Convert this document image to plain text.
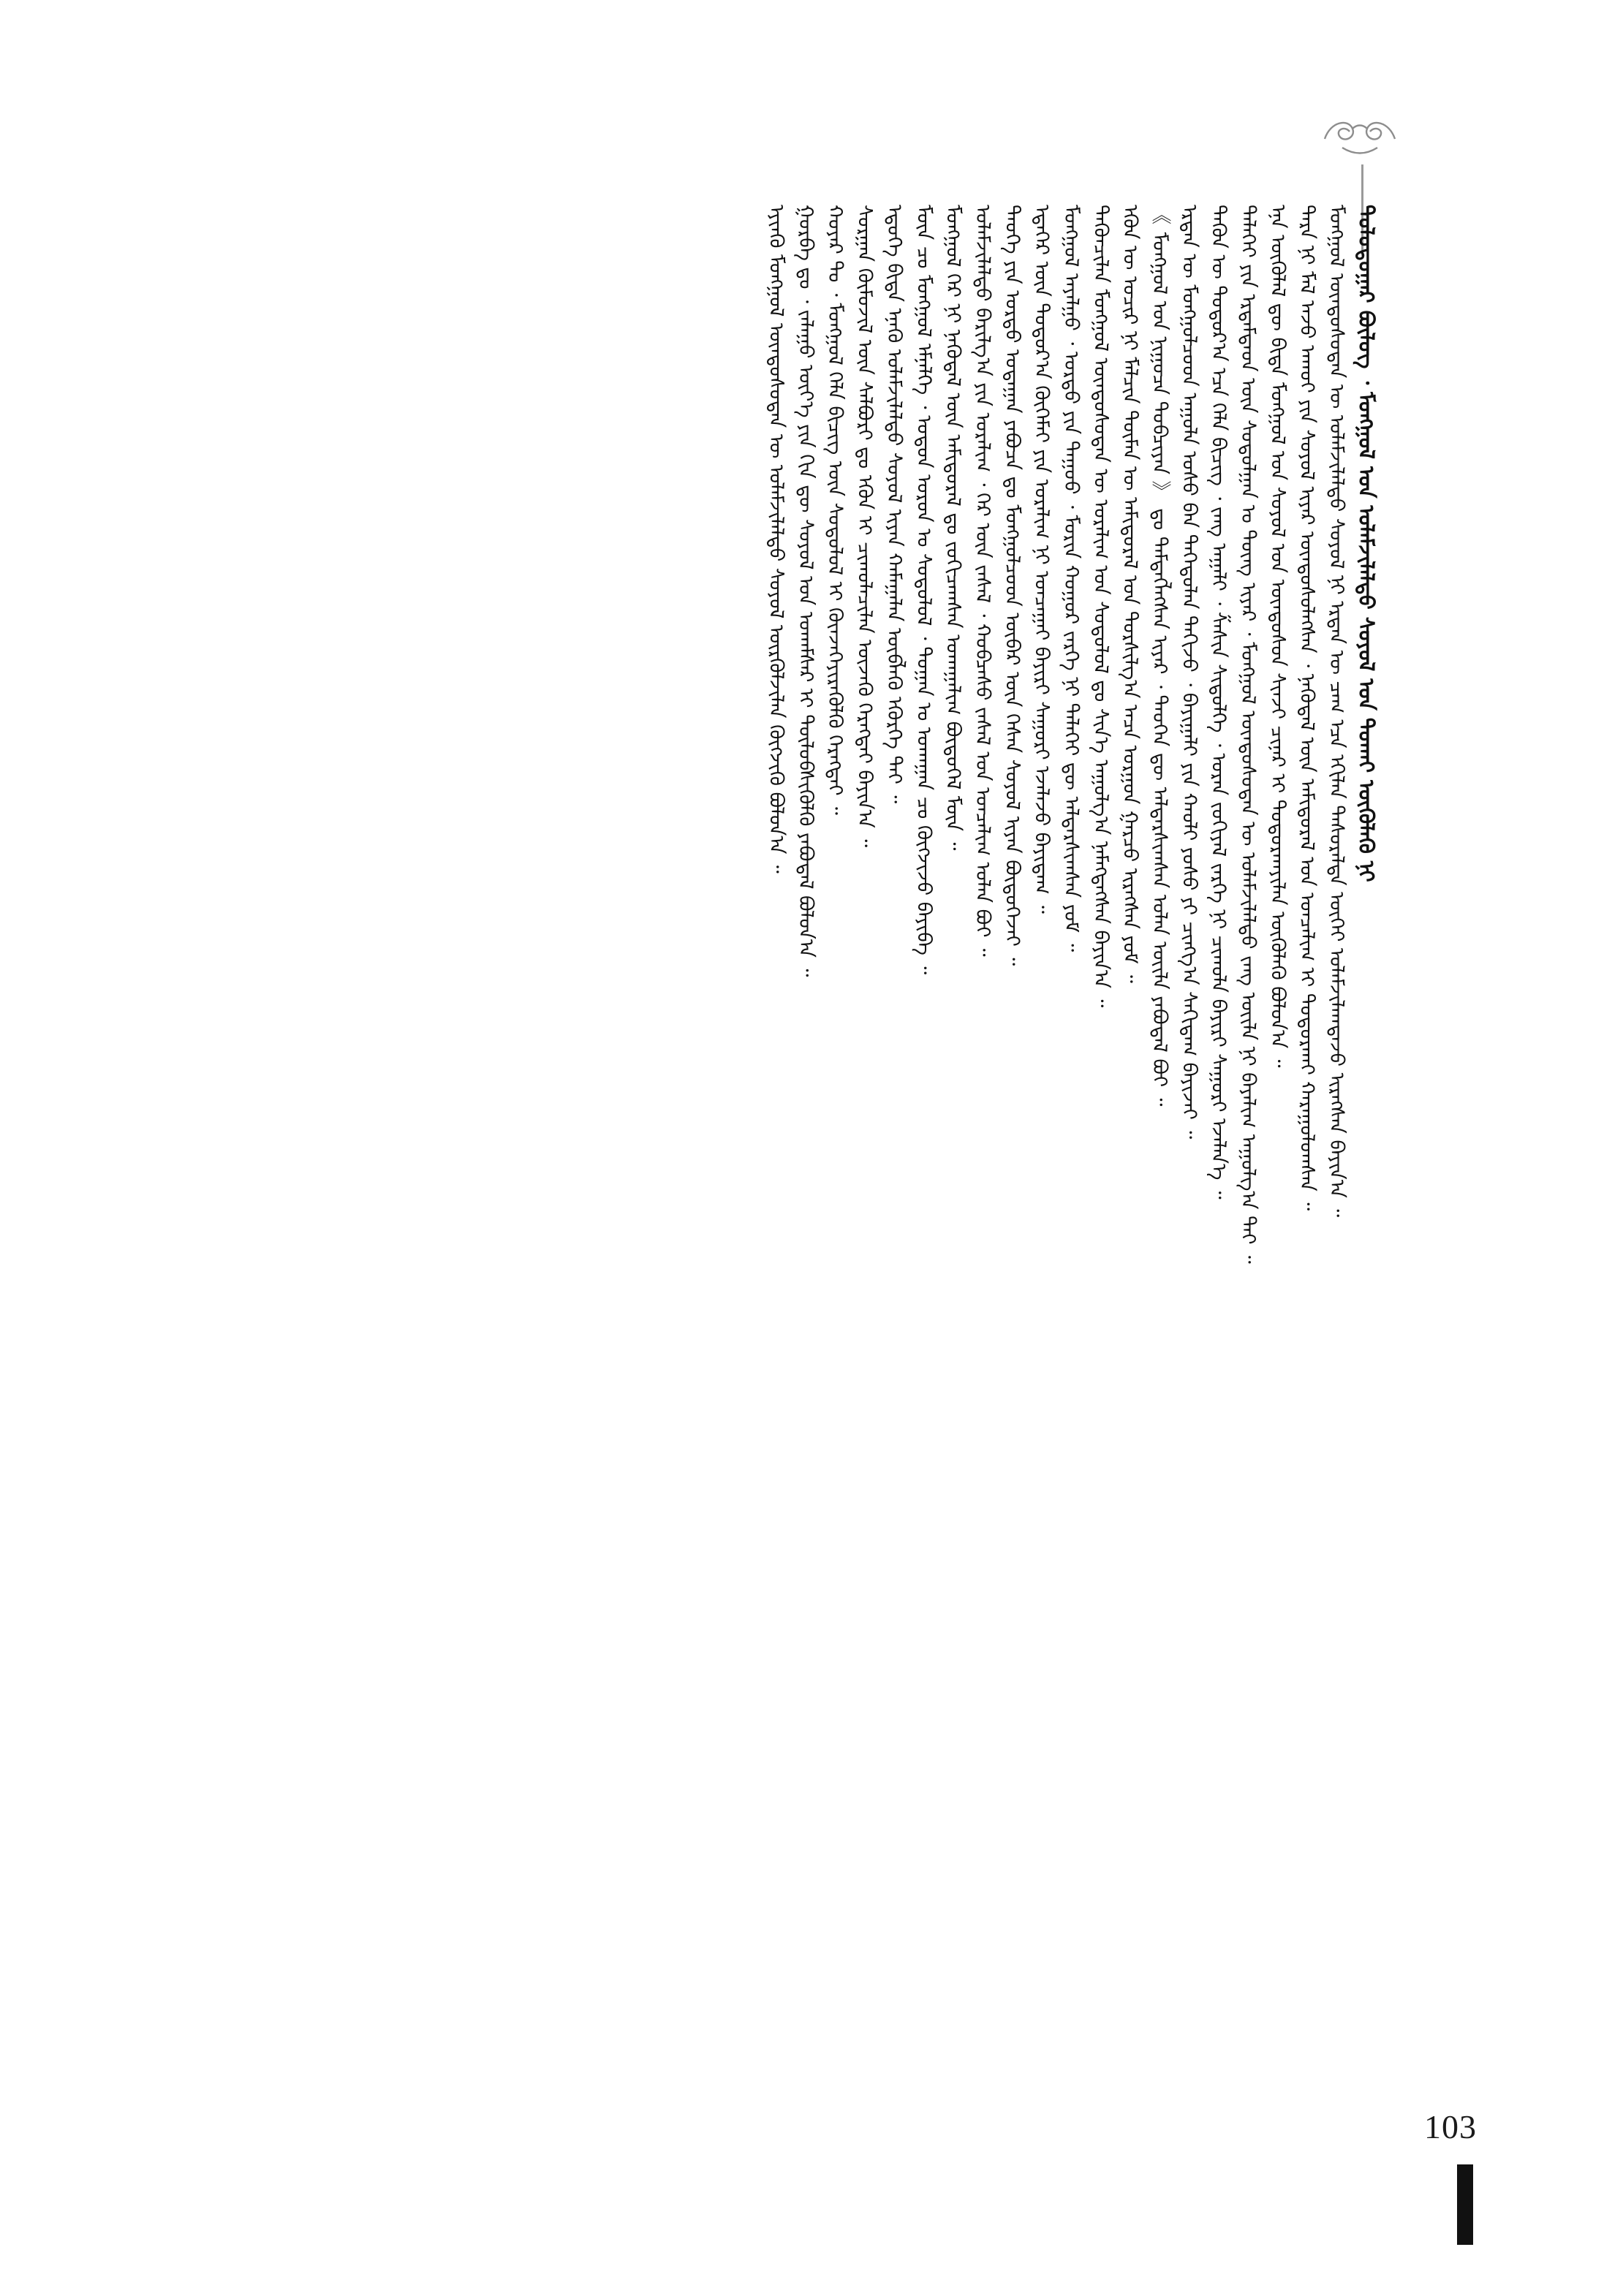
ᠳᠣᠯᠤᠳᠤᠭᠠᠷ ᠪᠦᠯᠦᠭ ᠂ ᠮᠣᠩᠭᠣᠯ ᠤᠨ ᠤᠯᠠᠮᠵᠢᠯᠠᠯᠲᠤ ᠰᠤᠶᠤᠯ ᠤᠨ ᠲᠤᠬᠠᠢ ᠦᠭᠦᠯᠡᠬᠦ ᠨᠢ
ᠮᠣᠩᠭᠣᠯ ᠦᠨᠳᠦᠰᠦᠲᠡᠨ ᠦ ᠤᠯᠠᠮᠵᠢᠯᠠᠯᠲᠤ ᠰᠤᠶᠤᠯ ᠨᠢ ᠡᠷᠲᠡᠨ ᠦ ᠴᠠᠭ ᠡᠴᠡ ᠡᠬᠢᠯᠡᠨ ᠲᠠᠰᠤᠷᠠᠯᠲᠠ ᠦᠭᠡᠢ ᠤᠯᠠᠮᠵᠢᠯᠠᠭᠳᠠᠵᠤ ᠢᠷᠡᠭᠰᠡᠨ ᠪᠠᠶᠢᠨ᠎ᠠ ᠃
ᠲᠡᠷᠡ ᠨᠢ ᠮᠠᠯ ᠠᠵᠤ ᠠᠬᠤᠢ ᠶᠢᠨ ᠰᠤᠶᠤᠯ ᠢᠶᠠᠷ ᠦᠨᠳᠦᠰᠦᠯᠡᠭᠰᠡᠨ ᠂ ᠨᠡᠭᠦᠳᠡᠯ ᠦᠨ ᠠᠮᠢᠳᠤᠷᠠᠯ ᠤᠨ ᠣᠨᠴᠠᠯᠢᠭ ᠢ ᠲᠣᠳᠤᠷᠬᠠᠢ ᠬᠠᠷᠠᠭᠤᠯᠤᠭᠰᠠᠨ ᠃
ᠡᠨᠡ ᠦᠭᠦᠯᠡᠯ ᠳᠦ ᠪᠢᠳᠡ ᠮᠣᠩᠭᠣᠯ ᠤᠨ ᠰᠤᠶᠤᠯ ᠤᠨ ᠦᠨᠳᠦᠰᠦᠨ ᠰᠢᠨᠵᠢ ᠴᠢᠨᠠᠷ ᠢ ᠲᠣᠳᠤᠷᠬᠠᠶᠢᠯᠠᠨ ᠦᠭᠦᠯᠡᠬᠦ ᠪᠣᠯᠤᠨ᠎ᠠ ᠃
ᠳᠡᠯᠡᠬᠡᠢ ᠶᠢᠨ ᠡᠷᠳᠡᠮᠲᠡᠳ ᠦᠨ ᠰᠤᠳᠤᠯᠭᠠᠨ ᠤ ᠳᠦᠩ ᠢᠶᠡᠷ ᠂ ᠮᠣᠩᠭᠣᠯ ᠦᠨᠳᠦᠰᠦᠲᠡᠨ ᠦ ᠤᠯᠠᠮᠵᠢᠯᠠᠯᠲᠤ ᠵᠠᠩ ᠦᠢᠯᠡ ᠨᠢ ᠪᠠᠶᠠᠯᠢᠭ ᠠᠭᠤᠯᠭ᠎ᠠ ᠲᠠᠢ ᠃
ᠲᠡᠭᠦᠨ ᠦ ᠳᠣᠲᠤᠷ᠎ᠠ ᠡᠴᠡ ᠬᠡᠯᠡ ᠪᠢᠴᠢᠭ ᠂ ᠵᠠᠩ ᠠᠭᠠᠯᠢ ᠂ ᠱᠠᠰᠢᠨ ᠰᠢᠲᠦᠯᠭᠡ ᠂ ᠤᠷᠠᠨ ᠵᠣᠬᠢᠶᠠᠯ ᠵᠡᠷᠭᠡ ᠨᠢ ᠴᠢᠬᠤᠯᠠ ᠪᠠᠶᠢᠷᠢ ᠰᠠᠭᠤᠷᠢ ᠡᠵᠡᠯᠡᠨ᠎ᠡ ᠃
ᠡᠷᠲᠡᠨ ᠦ ᠮᠣᠩᠭᠣᠯᠴᠤᠳ ᠠᠭᠤᠯᠠ ᠤᠰᠤ ᠪᠠᠨ ᠳᠡᠭᠡᠳᠦᠯᠡᠨ ᠲᠠᠬᠢᠵᠤ ᠂ ᠪᠠᠶᠢᠭᠠᠯᠢ ᠶᠢᠨ ᠬᠠᠤᠯᠢ ᠶᠣᠰᠤ ᠶᠢ ᠴᠢᠩᠭ᠎ᠠ ᠰᠠᠬᠢᠳᠠᠭ ᠪᠠᠶᠢᠵᠠᠢ ᠃
《 ᠮᠣᠩᠭᠣᠯ ᠤᠨ ᠨᠢᠭᠤᠴᠠ ᠲᠣᠪᠴᠢᠶᠠᠨ 》 ᠳᠤ ᠲᠡᠮᠳᠡᠭᠯᠡᠭᠰᠡᠨ ᠢᠶᠡᠷ ᠂ ᠲᠡᠦᠬᠡᠨ ᠳᠦ ᠠᠯᠳᠠᠷᠰᠢᠭᠰᠠᠨ ᠣᠯᠠᠨ ᠦᠢᠯᠡ ᠶᠠᠪᠤᠳᠠᠯ ᠪᠤᠢ ᠃
ᠡᠭᠦᠨ ᠦ ᠤᠴᠢᠷ ᠨᠢ ᠮᠠᠯᠴᠢᠨ ᠲᠦᠮᠡᠨ ᠦ ᠠᠮᠢᠳᠤᠷᠠᠯ ᠤᠨ ᠲᠤᠷᠰᠢᠯᠭ᠎ᠠ ᠠᠴᠠ ᠤᠷᠭᠤᠨ ᠭᠠᠷᠴᠤ ᠢᠷᠡᠭᠰᠡᠨ ᠶᠤᠮ ᠃
ᠲᠡᠭᠦᠨᠴᠢᠯᠡᠨ ᠮᠣᠩᠭᠣᠯ ᠦᠨᠳᠦᠰᠦᠲᠡᠨ ᠦ ᠤᠷᠠᠯᠢᠭ ᠤᠨ ᠰᠤᠳᠤᠯᠤᠯ ᠳᠤ ᠰᠢᠨ᠎ᠡ ᠠᠭᠤᠯᠭ᠎ᠠ ᠨᠡᠮᠡᠭᠳᠡᠭᠰᠡᠨ ᠪᠠᠶᠢᠨ᠎ᠠ ᠃
ᠮᠣᠩᠭᠣᠯ ᠠᠶᠠᠯᠭᠤ ᠂ ᠤᠷᠲᠤ ᠶᠢᠨ ᠳᠠᠭᠤᠤ ᠂ ᠮᠣᠷᠢᠨ ᠬᠤᠭᠤᠷ ᠵᠡᠷᠭᠡ ᠨᠢ ᠳᠡᠯᠡᠬᠡᠢ ᠳᠦ ᠠᠯᠳᠠᠷᠰᠢᠭᠰᠠᠨ ᠶᠤᠮ ᠃
ᠡᠳᠡᠭᠡᠷ ᠦᠨ ᠳᠣᠲᠤᠷ᠎ᠠ ᠬᠥᠭᠡᠮᠡᠢ ᠶᠢᠨ ᠤᠷᠠᠯᠢᠭ ᠨᠢ ᠣᠨᠴᠠᠭᠠᠢ ᠪᠠᠶᠢᠷᠢ ᠰᠠᠭᠤᠷᠢ ᠡᠵᠡᠯᠡᠵᠦ ᠪᠠᠶᠢᠳᠠᠭ ᠃
ᠲᠡᠦᠬᠡ ᠶᠢᠨ ᠤᠷᠲᠤ ᠤᠳᠠᠭᠠᠨ ᠶᠠᠪᠤᠴᠠ ᠳᠤ ᠮᠣᠩᠭᠣᠯᠴᠤᠳ ᠥᠪᠡᠷ ᠦᠨ ᠭᠡᠰᠡᠨ ᠰᠤᠶᠤᠯ ᠢᠶᠠᠨ ᠪᠦᠲᠦᠭᠡᠵᠡᠢ ᠃
ᠤᠯᠠᠮᠵᠢᠯᠠᠯᠲᠤ ᠪᠠᠷᠢᠯᠭ᠎ᠠ ᠶᠢᠨ ᠤᠷᠠᠯᠢᠭ ᠂ ᠭᠡᠷ ᠦᠨ ᠵᠠᠰᠠᠯ ᠂ ᠬᠤᠪᠴᠠᠰᠤ ᠵᠠᠰᠠᠯ ᠤᠨ ᠣᠨᠴᠠᠯᠢᠭ ᠣᠯᠠᠨ ᠪᠤᠢ ᠃
ᠮᠣᠩᠭᠣᠯ ᠭᠡᠷ ᠨᠢ ᠨᠡᠭᠦᠳᠡᠯ ᠦᠨ ᠠᠮᠢᠳᠤᠷᠠᠯ ᠳᠤ ᠵᠣᠬᠢᠴᠠᠭᠰᠠᠨ ᠤᠬᠠᠭᠠᠯᠢᠭ ᠪᠦᠲᠦᠭᠡᠯ ᠮᠥᠨ ᠃
ᠮᠥᠨ ᠴᠤ ᠮᠣᠩᠭᠣᠯ ᠡᠮᠨᠡᠯᠭᠡ ᠂ ᠣᠳᠣᠨ ᠣᠷᠤᠨ ᠤ ᠰᠤᠳᠤᠯᠤᠯ ᠂ ᠲᠣᠭᠠᠨ ᠤ ᠤᠬᠠᠭᠠᠨ ᠴᠤ ᠬᠥᠭᠵᠢᠵᠦ ᠪᠠᠶᠢᠪᠠ ᠃
ᠡᠳᠦᠭᠡ ᠪᠢᠳᠡ ᠡᠨᠡᠬᠦ ᠤᠯᠠᠮᠵᠢᠯᠠᠯᠲᠤ ᠰᠤᠶᠤᠯ ᠢᠶᠠᠨ ᠬᠠᠮᠠᠭᠠᠯᠠᠨ ᠥᠪᠯᠡᠬᠦ ᠡᠭᠦᠷᠭᠡ ᠲᠡᠢ ᠃
ᠰᠤᠷᠭᠠᠨ ᠬᠥᠮᠦᠵᠢᠯ ᠦᠨ ᠰᠠᠯᠪᠤᠷᠢ ᠳᠤ ᠡᠭᠦᠨ ᠢ ᠴᠢᠬᠤᠯᠠᠴᠢᠯᠠᠨ ᠦᠵᠡᠬᠦ ᠬᠡᠷᠡᠭᠲᠡᠢ ᠪᠠᠶᠢᠨ᠎ᠠ ᠃
ᠬᠣᠶᠠᠷ ᠲᠤ ᠂ ᠮᠣᠩᠭᠣᠯ ᠬᠡᠯᠡ ᠪᠢᠴᠢᠭ ᠦᠨ ᠰᠤᠳᠤᠯᠤᠯ ᠢ ᠭᠦᠨᠵᠡᠭᠡᠶᠢᠷᠡᠭᠦᠯᠬᠦ ᠬᠡᠷᠡᠭᠲᠡᠢ ᠃
ᠭᠤᠷᠪᠠ ᠳᠤ ᠂ ᠵᠠᠯᠠᠭᠤ ᠦᠶ᠎ᠡ ᠶᠢᠨ ᠬᠢᠨ ᠳᠦ ᠰᠤᠶᠤᠯ ᠤᠨ ᠤᠬᠠᠮᠰᠠᠷ ᠢ ᠲᠥᠯᠦᠪᠰᠢᠭᠦᠯᠬᠦ ᠶᠠᠪᠤᠳᠠᠯ ᠪᠣᠯᠤᠨ᠎ᠠ ᠃
ᠡᠶᠢᠨᠬᠦ ᠮᠣᠩᠭᠣᠯ ᠦᠨᠳᠦᠰᠦᠲᠡᠨ ᠦ ᠤᠯᠠᠮᠵᠢᠯᠠᠯᠲᠤ ᠰᠤᠶᠤᠯ ᠦᠷᠭᠦᠯᠵᠢᠯᠡᠨ ᠬᠥᠭᠵᠢᠬᠦ ᠪᠣᠯᠤᠨ᠎ᠠ ᠃
103
